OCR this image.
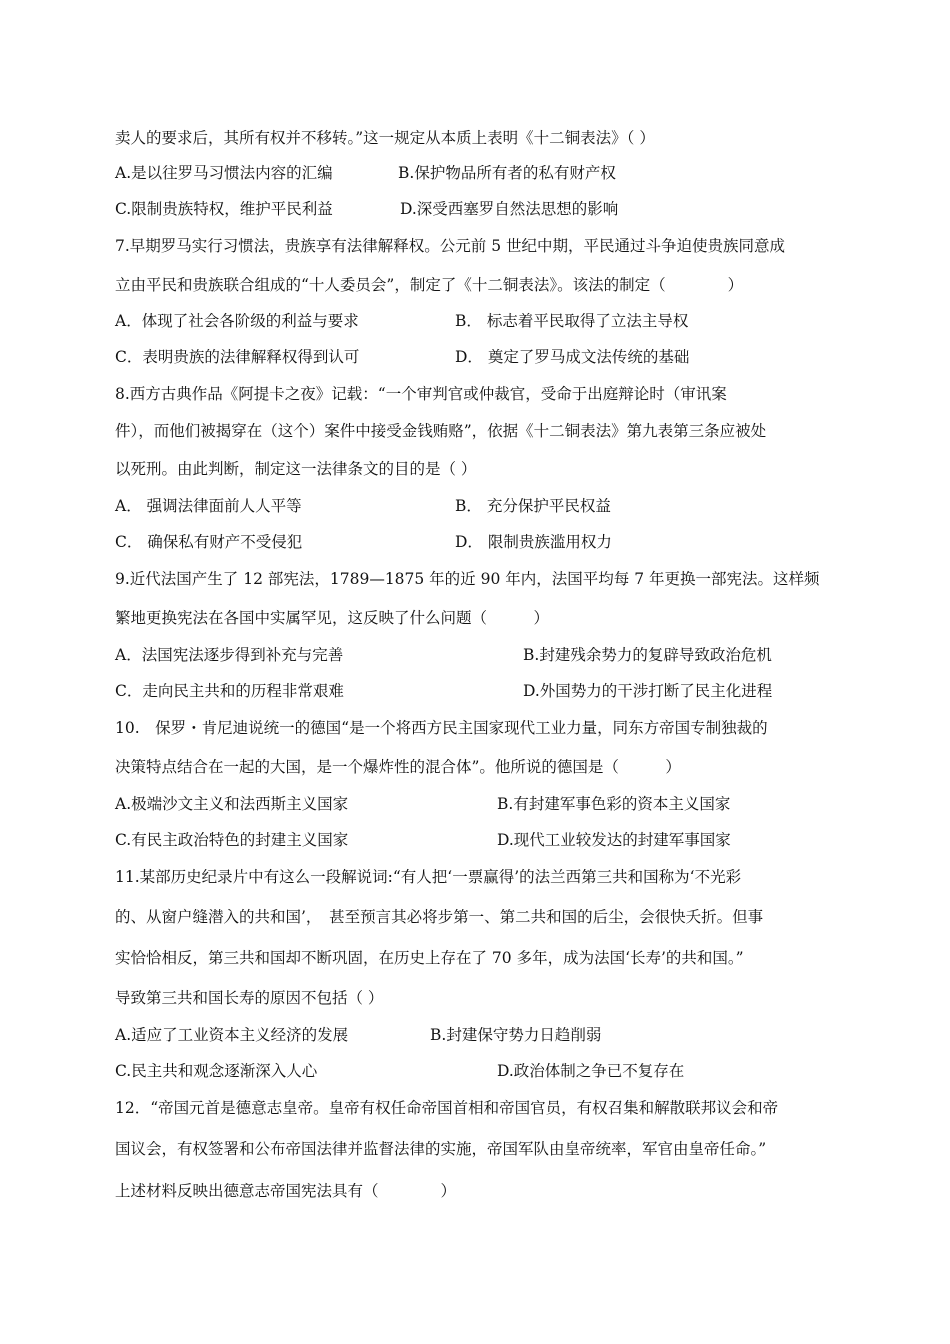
卖人的要求后，其所有权并不移转。”这一规定从本质上表明《十二铜表法》（ ）
A.是以往罗马习惯法内容的汇编	B.保护物品所有者的私有财产权
C.限制贵族特权，维护平民利益	D.深受西塞罗自然法思想的影响
7.早期罗马实行习惯法，贵族享有法律解释权。公元前 5 世纪中期，平民通过斗争迫使贵族同意成
立由平民和贵族联合组成的“十人委员会”，制定了《十二铜表法》。该法的制定（　　　　）
A．体现了社会各阶级的利益与要求	B． 标志着平民取得了立法主导权
C．表明贵族的法律解释权得到认可	D． 奠定了罗马成文法传统的基础
8.西方古典作品《阿提卡之夜》记载：“一个审判官或仲裁官，受命于出庭辩论时（审讯案
件），而他们被揭穿在（这个）案件中接受金钱贿赂”，依据《十二铜表法》第九表第三条应被处
以死刑。由此判断，制定这一法律条文的目的是（ ）
A． 强调法律面前人人平等	B． 充分保护平民权益
C． 确保私有财产不受侵犯	D． 限制贵族滥用权力
9.近代法国产生了 12 部宪法，1789—1875 年的近 90 年内，法国平均每 7 年更换一部宪法。这样频
繁地更换宪法在各国中实属罕见，这反映了什么问题（　　　）
A．法国宪法逐步得到补充与完善	B.封建残余势力的复辟导致政治危机
C．走向民主共和的历程非常艰难	D.外国势力的干涉打断了民主化进程
10.　保罗・肯尼迪说统一的德国“是一个将西方民主国家现代工业力量，同东方帝国专制独裁的
决策特点结合在一起的大国，是一个爆炸性的混合体”。他所说的德国是（　　　）
A.极端沙文主义和法西斯主义国家	B.有封建军事色彩的资本主义国家
C.有民主政治特色的封建主义国家	D.现代工业较发达的封建军事国家
11.某部历史纪录片中有这么一段解说词:“有人把‘一票赢得’的法兰西第三共和国称为‘不光彩
的、从窗户缝潜入的共和国’，　甚至预言其必将步第一、第二共和国的后尘，会很快夭折。但事
实恰恰相反，第三共和国却不断巩固，在历史上存在了 70 多年，成为法国‘长寿’的共和国。”
导致第三共和国长寿的原因不包括（ ）
A.适应了工业资本主义经济的发展	B.封建保守势力日趋削弱
C.民主共和观念逐渐深入人心	D.政治体制之争已不复存在
12．“帝国元首是德意志皇帝。皇帝有权任命帝国首相和帝国官员，有权召集和解散联邦议会和帝
国议会，有权签署和公布帝国法律并监督法律的实施，帝国军队由皇帝统率，军官由皇帝任命。”
上述材料反映出德意志帝国宪法具有（　　　　）
